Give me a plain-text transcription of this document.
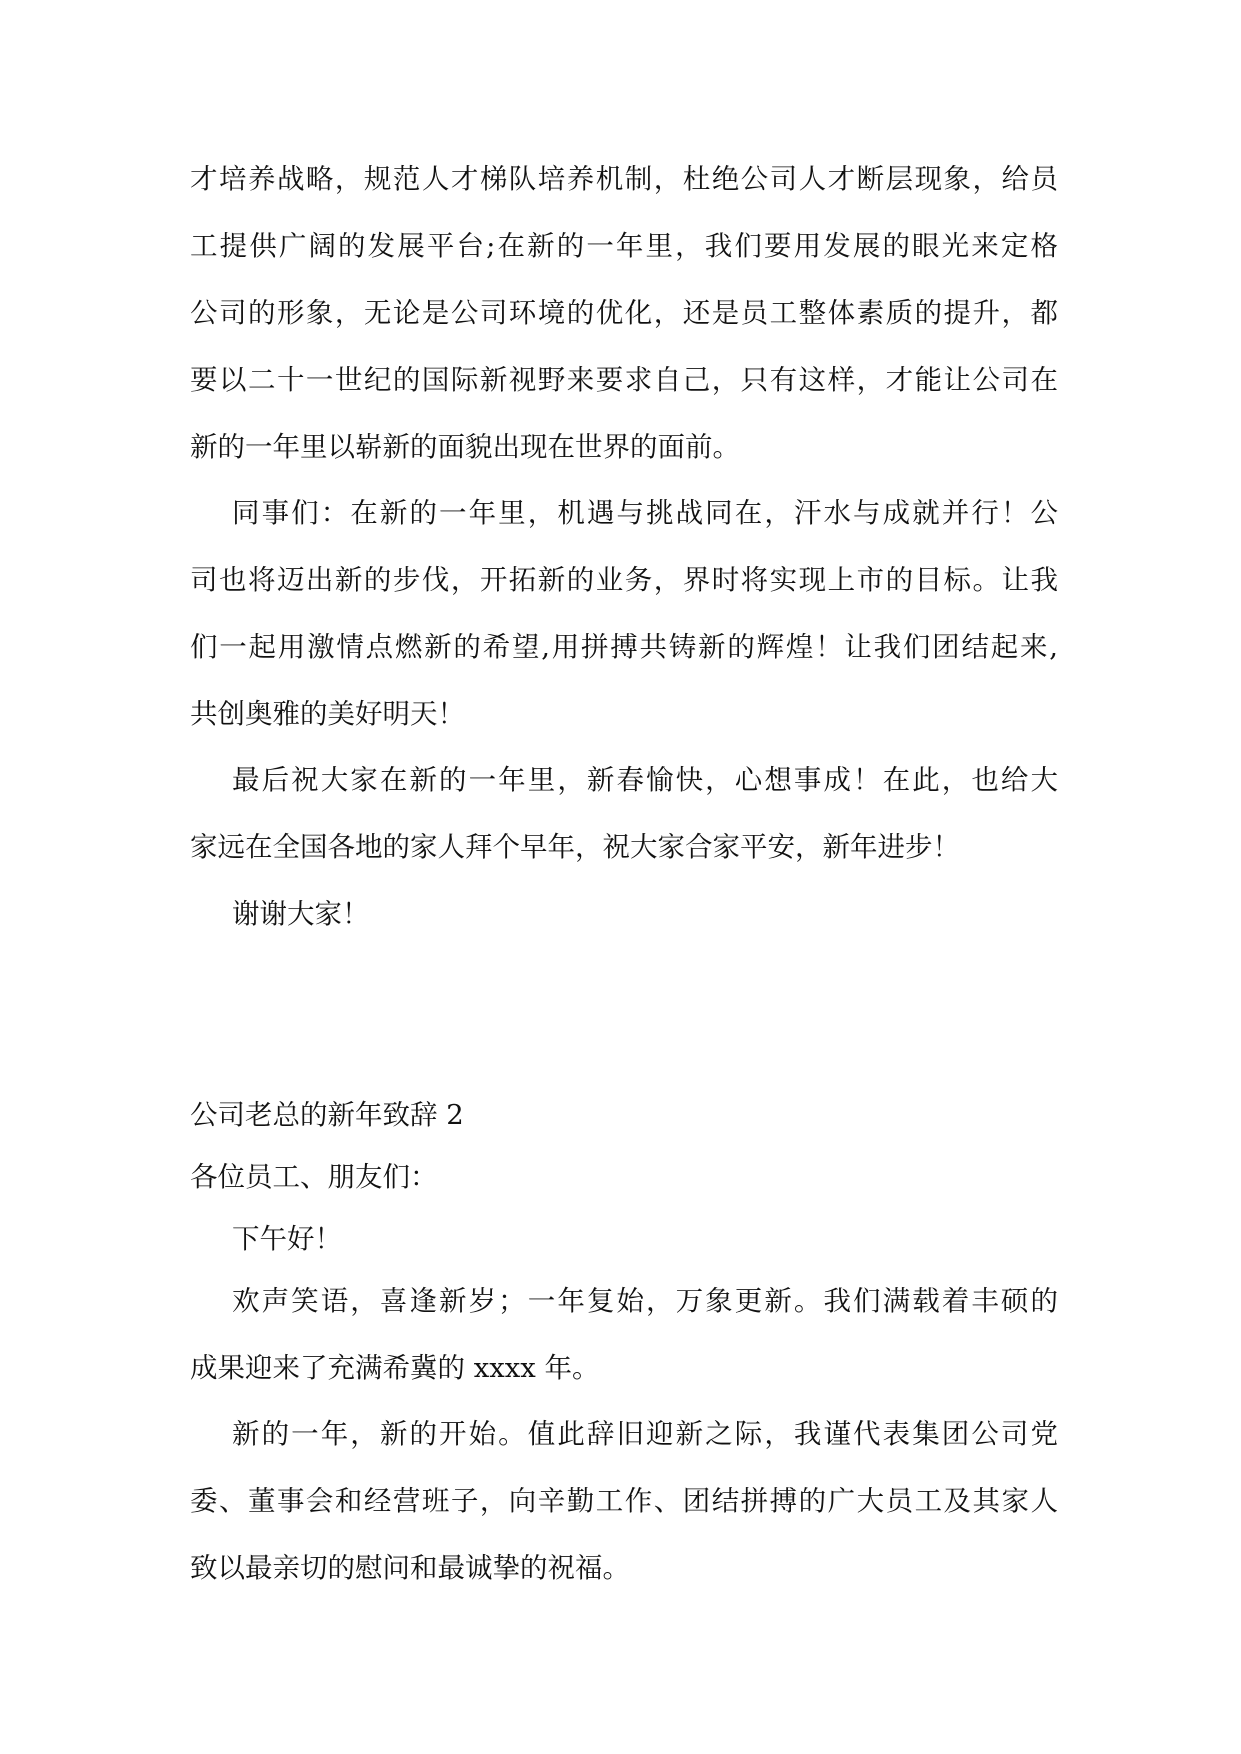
才培养战略，规范人才梯队培养机制，杜绝公司人才断层现象，给员
工提供广阔的发展平台;在新的一年里，我们要用发展的眼光来定格
公司的形象，无论是公司环境的优化，还是员工整体素质的提升，都
要以二十一世纪的国际新视野来要求自己，只有这样，才能让公司在
新的一年里以崭新的面貌出现在世界的面前。
同事们：在新的一年里，机遇与挑战同在，汗水与成就并行！公
司也将迈出新的步伐，开拓新的业务，界时将实现上市的目标。让我
们一起用激情点燃新的希望,用拼搏共铸新的辉煌！让我们团结起来,
共创奥雅的美好明天！
最后祝大家在新的一年里，新春愉快，心想事成！在此，也给大
家远在全国各地的家人拜个早年，祝大家合家平安，新年进步！
谢谢大家！
公司老总的新年致辞 2
各位员工、朋友们：
下午好！
欢声笑语，喜逢新岁；一年复始，万象更新。我们满载着丰硕的
成果迎来了充满希冀的 xxxx 年。
新的一年，新的开始。值此辞旧迎新之际，我谨代表集团公司党
委、董事会和经营班子，向辛勤工作、团结拼搏的广大员工及其家人
致以最亲切的慰问和最诚挚的祝福。
